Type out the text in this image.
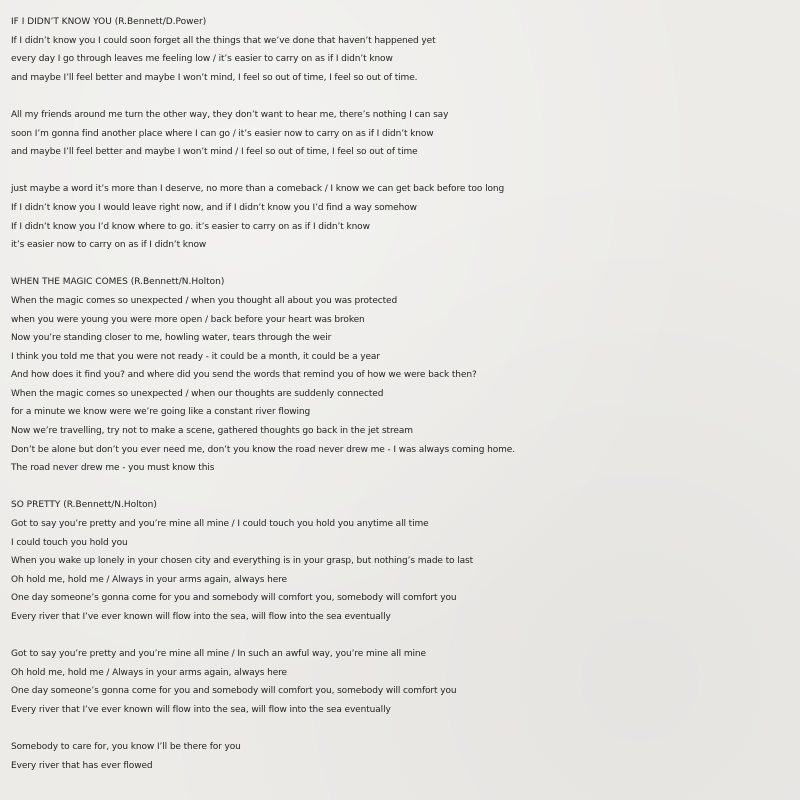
IF I DIDN’T KNOW YOU (R.Bennett/D.Power)
If I didn’t know you I could soon forget all the things that we’ve done that haven’t happened yet
every day I go through leaves me feeling low / it’s easier to carry on as if I didn’t know
and maybe I’ll feel better and maybe I won’t mind, I feel so out of time, I feel so out of time.
All my friends around me turn the other way, they don’t want to hear me, there’s nothing I can say
soon I’m gonna find another place where I can go / it’s easier now to carry on as if I didn’t know
and maybe I’ll feel better and maybe I won’t mind / I feel so out of time, I feel so out of time
just maybe a word it’s more than I deserve, no more than a comeback / I know we can get back before too long
If I didn’t know you I would leave right now, and if I didn’t know you I’d find a way somehow
If I didn’t know you I’d know where to go. it’s easier to carry on as if I didn’t know
it’s easier now to carry on as if I didn’t know
WHEN THE MAGIC COMES (R.Bennett/N.Holton)
When the magic comes so unexpected / when you thought all about you was protected
when you were young you were more open / back before your heart was broken
Now you’re standing closer to me, howling water, tears through the weir
I think you told me that you were not ready - it could be a month, it could be a year
And how does it find you? and where did you send the words that remind you of how we were back then?
When the magic comes so unexpected / when our thoughts are suddenly connected
for a minute we know were we’re going like a constant river flowing
Now we’re travelling, try not to make a scene, gathered thoughts go back in the jet stream
Don’t be alone but don’t you ever need me, don’t you know the road never drew me - I was always coming home.
The road never drew me - you must know this
SO PRETTY (R.Bennett/N.Holton)
Got to say you’re pretty and you’re mine all mine / I could touch you hold you anytime all time
I could touch you hold you
When you wake up lonely in your chosen city and everything is in your grasp, but nothing’s made to last
Oh hold me, hold me / Always in your arms again, always here
One day someone’s gonna come for you and somebody will comfort you, somebody will comfort you
Every river that I’ve ever known will flow into the sea, will flow into the sea eventually
Got to say you’re pretty and you’re mine all mine / In such an awful way, you’re mine all mine
Oh hold me, hold me / Always in your arms again, always here
One day someone’s gonna come for you and somebody will comfort you, somebody will comfort you
Every river that I’ve ever known will flow into the sea, will flow into the sea eventually
Somebody to care for, you know I’ll be there for you
Every river that has ever flowed
